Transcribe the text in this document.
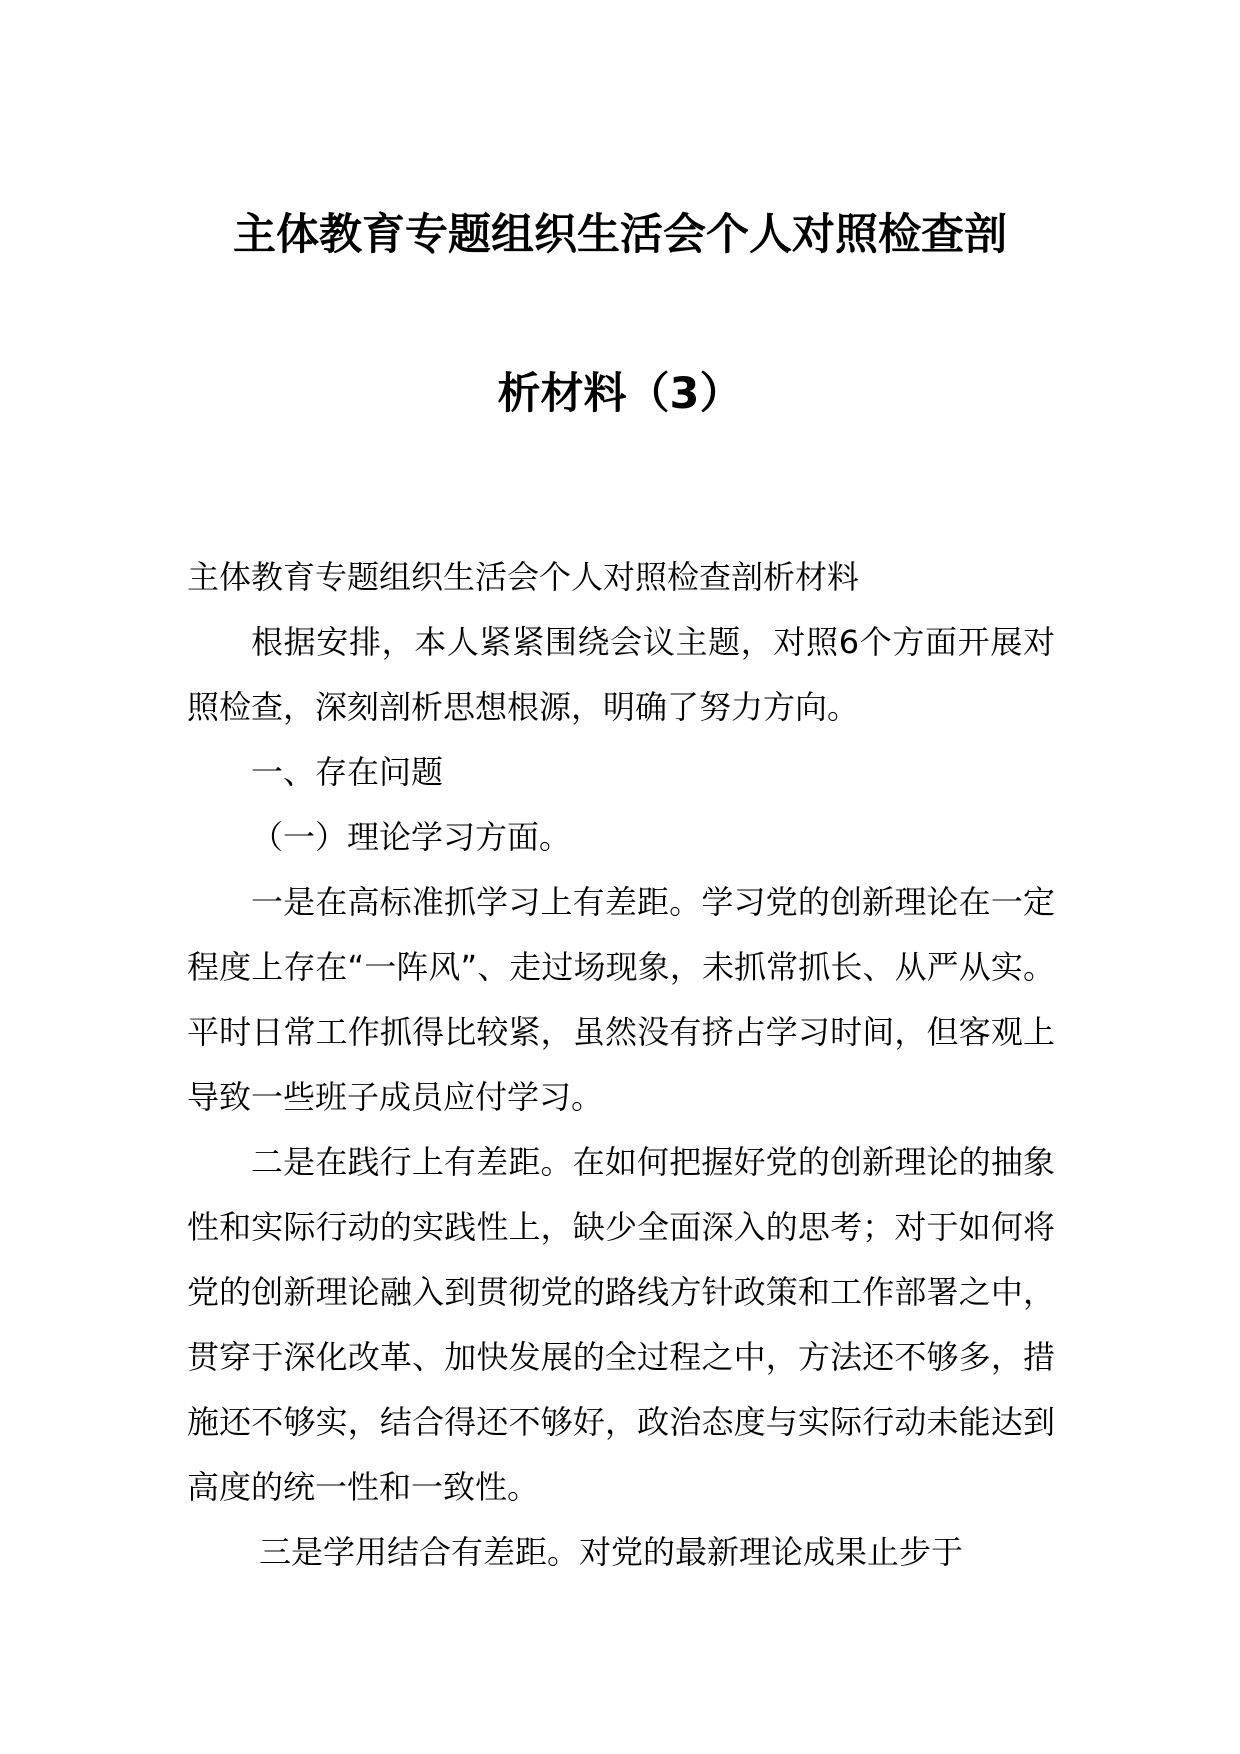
主体教育专题组织生活会个人对照检查剖
析材料（3）

主体教育专题组织生活会个人对照检查剖析材料

根据安排，本人紧紧围绕会议主题，对照6个方面开展对照检查，深刻剖析思想根源，明确了努力方向。

一、存在问题

（一）理论学习方面。

一是在高标准抓学习上有差距。学习党的创新理论在一定程度上存在“一阵风”、走过场现象，未抓常抓长、从严从实。平时日常工作抓得比较紧，虽然没有挤占学习时间，但客观上导致一些班子成员应付学习。

二是在践行上有差距。在如何把握好党的创新理论的抽象性和实际行动的实践性上，缺少全面深入的思考；对于如何将党的创新理论融入到贯彻党的路线方针政策和工作部署之中，贯穿于深化改革、加快发展的全过程之中，方法还不够多，措施还不够实，结合得还不够好，政治态度与实际行动未能达到高度的统一性和一致性。

三是学用结合有差距。对党的最新理论成果止步于
